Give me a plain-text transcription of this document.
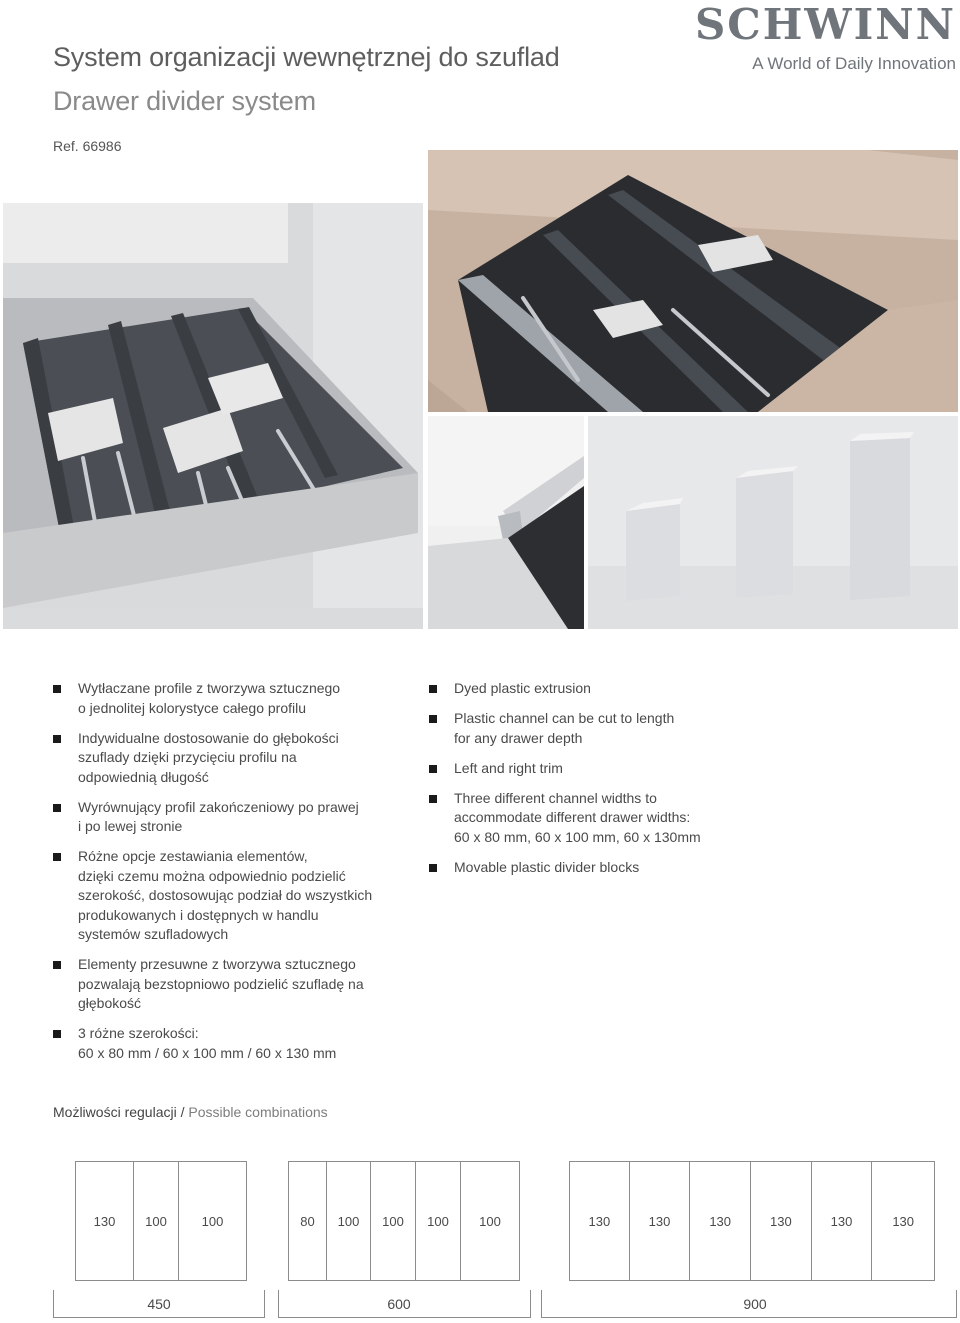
System organizacji wewnętrznej do szuflad
Drawer divider system
Ref. 66986
SCHWINN
A World of Daily Innovation
Wytłaczane profile z tworzywa sztucznego
o jednolitej kolorystyce całego profilu
Indywidualne dostosowanie do głębokości
szuflady dzięki przycięciu profilu na
odpowiednią długość
Wyrównujący profil zakończeniowy po prawej
i po lewej stronie
Różne opcje zestawiania elementów,
dzięki czemu można odpowiednio podzielić
szerokość, dostosowując podział do wszystkich
produkowanych i dostępnych w handlu
systemów szufladowych
Elementy przesuwne z tworzywa sztucznego
pozwalają bezstopniowo podzielić szufladę na
głębokość
3 różne szerokości:
60 x 80 mm / 60 x 100 mm / 60 x 130 mm
Dyed plastic extrusion
Plastic channel can be cut to length
for any drawer depth
Left and right trim
Three different channel widths to
accommodate different drawer widths:
60 x 80 mm, 60 x 100 mm, 60 x 130mm
Movable plastic divider blocks
Możliwości regulacji / Possible combinations
130	100	100
450
80	100	100	100	100
600
130	130	130	130	130	130
900
